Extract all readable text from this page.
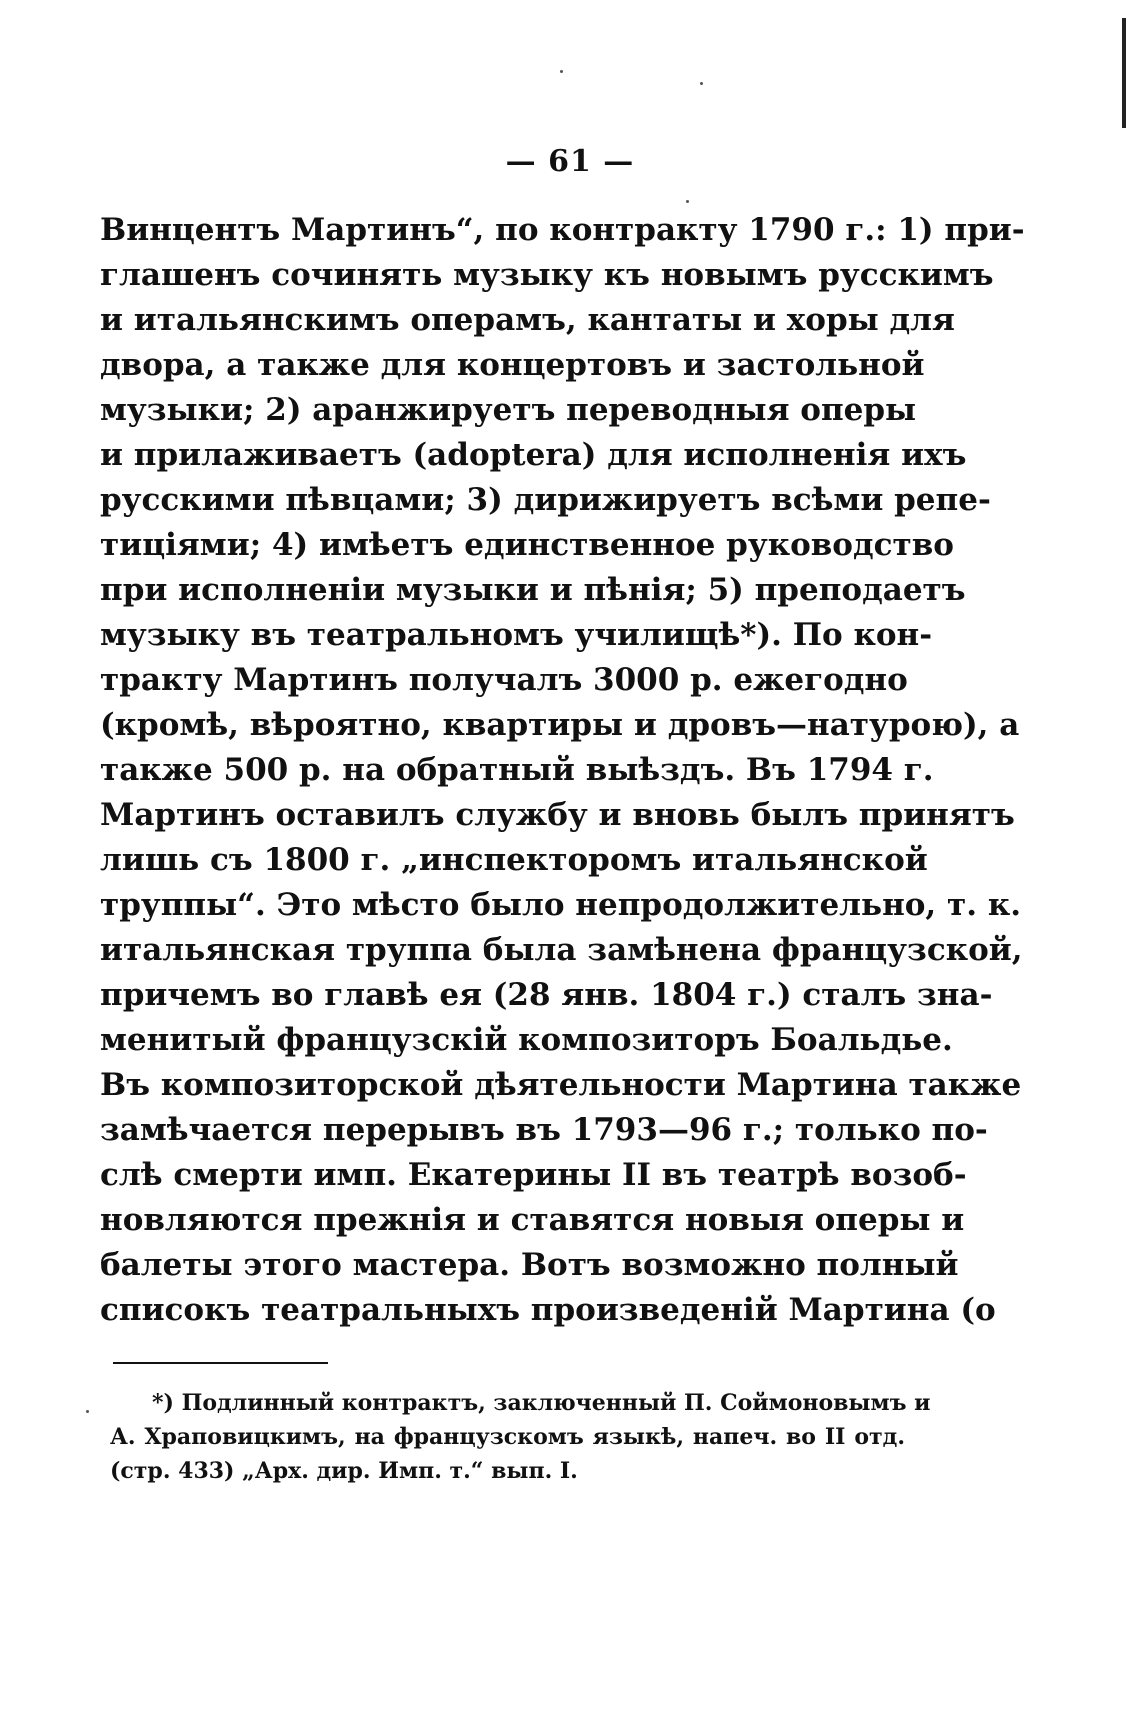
— 61 —
Винцентъ Мартинъ“, по контракту 1790 г.: 1) при-
глашенъ сочинять музыку къ новымъ русскимъ
и итальянскимъ операмъ, кантаты и хоры для
двора, а также для концертовъ и застольной
музыки; 2) аранжируетъ переводныя оперы
и прилаживаетъ (adoptera) для исполненія ихъ
русскими пѣвцами; 3) дирижируетъ всѣми репе-
тиціями; 4) имѣетъ единственное руководство
при исполненіи музыки и пѣнія; 5) преподаетъ
музыку въ театральномъ училищѣ*). По кон-
тракту Мартинъ получалъ 3000 р. ежегодно
(кромѣ, вѣроятно, квартиры и дровъ—натурою), а
также 500 р. на обратный выѣздъ. Въ 1794 г.
Мартинъ оставилъ службу и вновь былъ принятъ
лишь съ 1800 г. „инспекторомъ итальянской
труппы“. Это мѣсто было непродолжительно, т. к.
итальянская труппа была замѣнена французской,
причемъ во главѣ ея (28 янв. 1804 г.) сталъ зна-
менитый французскій композиторъ Боальдье.
Въ композиторской дѣятельности Мартина также
замѣчается перерывъ въ 1793—96 г.; только по-
слѣ смерти имп. Екатерины II въ театрѣ возоб-
новляются прежнія и ставятся новыя оперы и
балеты этого мастера. Вотъ возможно полный
списокъ театральныхъ произведеній Мартина (о
*) Подлинный контрактъ, заключенный П. Соймоновымъ и
А. Храповицкимъ, на французскомъ языкѣ, напеч. во II отд.
(стр. 433) „Арх. дир. Имп. т.“ вып. I.
